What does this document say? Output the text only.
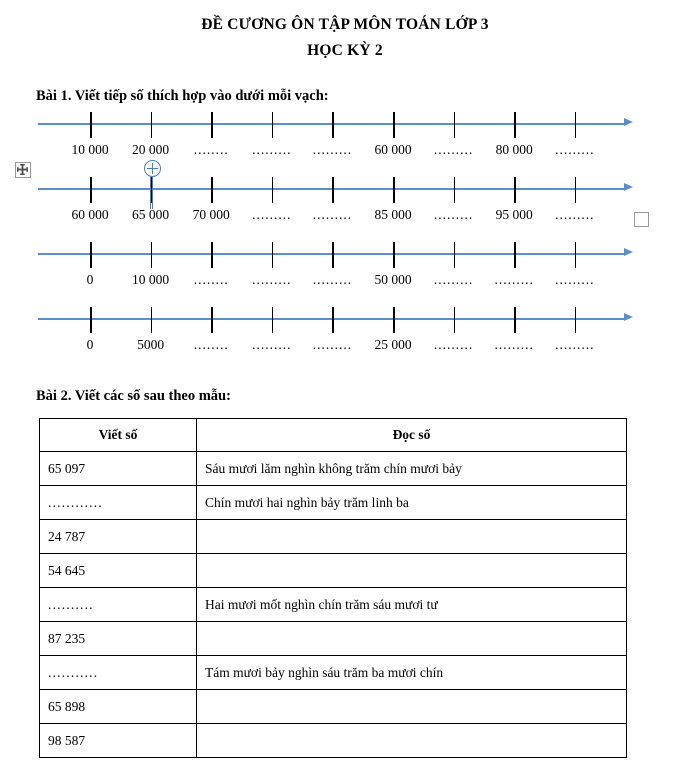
ĐỀ CƯƠNG ÔN TẬP MÔN TOÁN LỚP 3
HỌC KỲ 2
Bài 1. Viết tiếp số thích hợp vào dưới mỗi vạch:
10 000 20 000 ........ ......... ......... 60 000 ......... 80 000 .........
60 000 65 000 70 000 ......... ......... 85 000 ......... 95 000 .........
0	10 000 ........ ......... ......... 50 000 ......... ......... .........
0	5000 ........ ......... ......... 25 000 ......... ......... .........
Bài 2. Viết các số sau theo mẫu:
Viết số	Đọc số
65 097	Sáu mươi lăm nghìn không trăm chín mươi bảy
............	Chín mươi hai nghìn bảy trăm linh ba
24 787	
54 645	
..........	Hai mươi mốt nghìn chín trăm sáu mươi tư
87 235	
...........	Tám mươi bảy nghìn sáu trăm ba mươi chín
65 898	
98 587	
